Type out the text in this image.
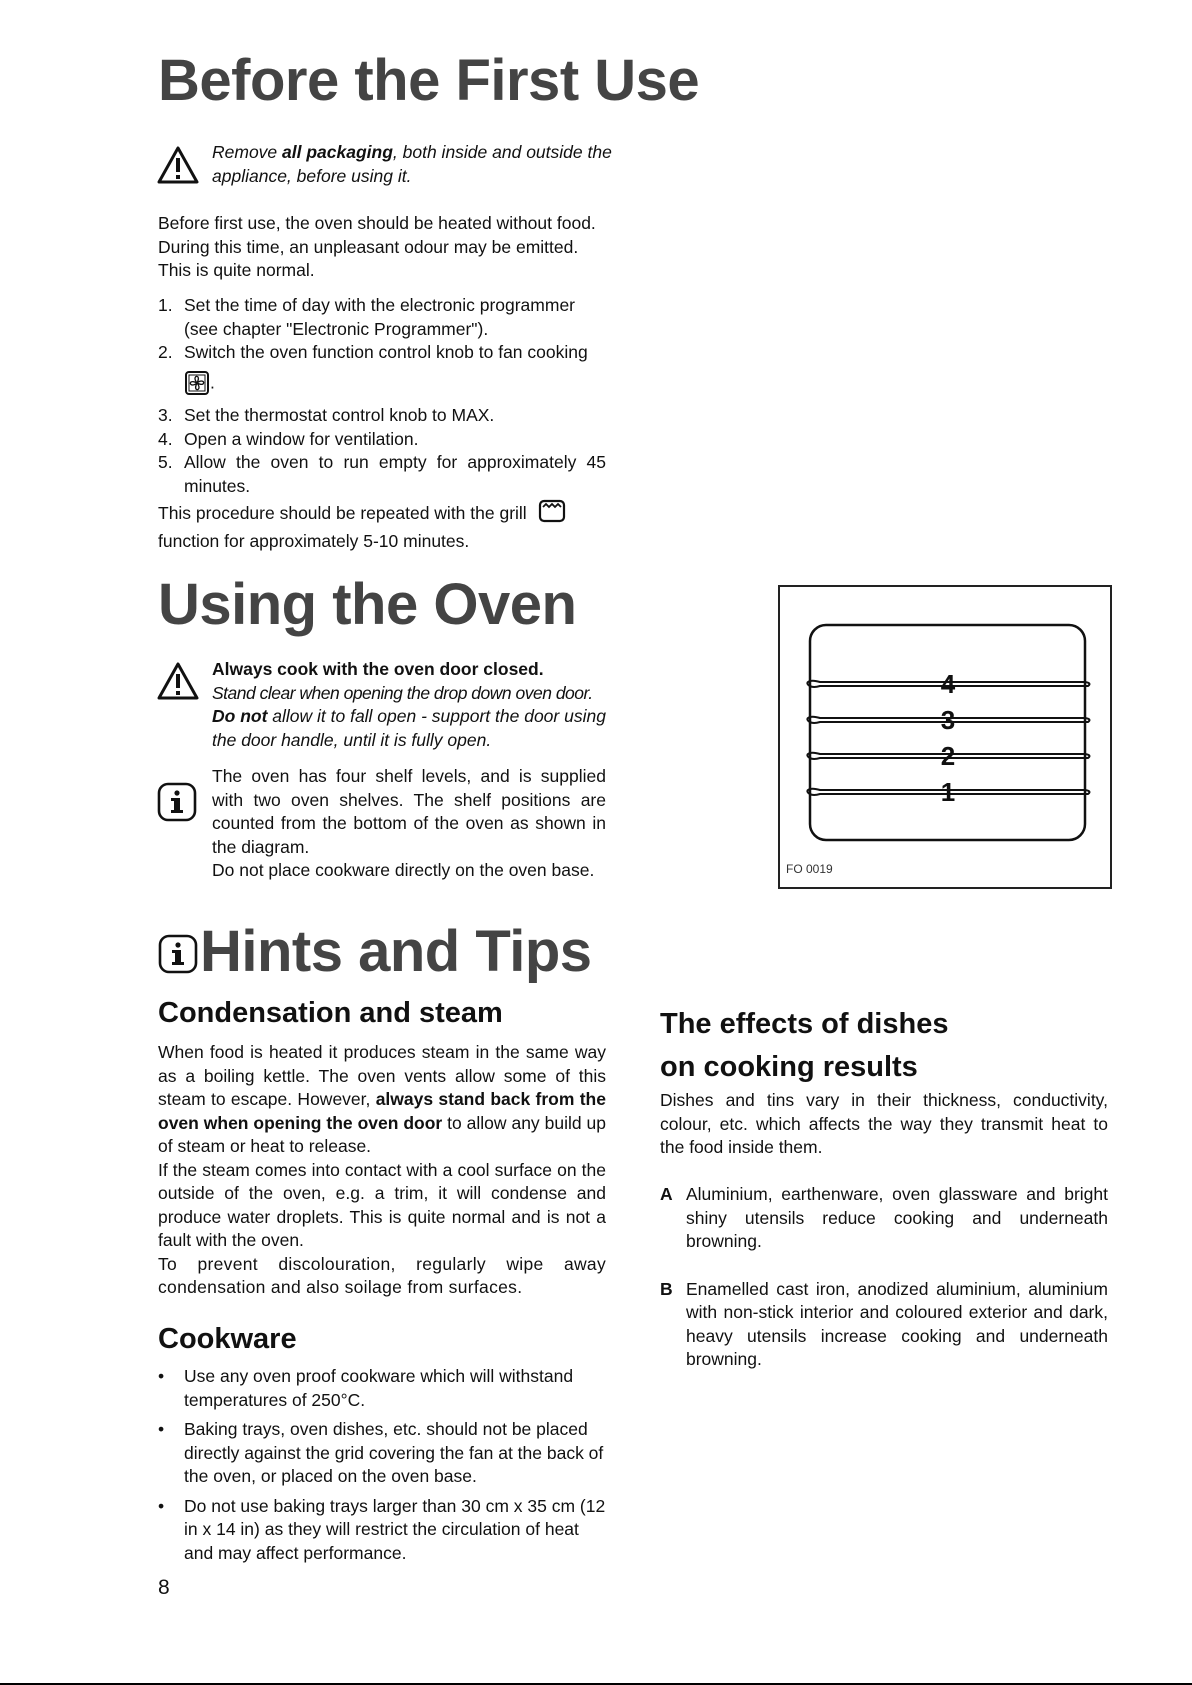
Before the First Use

Remove all packaging, both inside and outside the appliance, before using it.

Before first use, the oven should be heated without food. During this time, an unpleasant odour may be emitted. This is quite normal.

1. Set the time of day with the electronic programmer (see chapter "Electronic Programmer").
2. Switch the oven function control knob to fan cooking
.
3. Set the thermostat control knob to MAX.
4. Open a window for ventilation.
5. Allow the oven to run empty for approximately 45 minutes.

This procedure should be repeated with the grill
function for approximately 5-10 minutes.

Using the Oven
Always cook with the oven door closed.
Stand clear when opening the drop down oven door.
Do not allow it to fall open - support the door using the door handle, until it is fully open.
The oven has four shelf levels, and is supplied with two oven shelves. The shelf positions are counted from the bottom of the oven as shown in the diagram.
Do not place cookware directly on the oven base.
4
3
2
1
FO 0019
Hints and Tips
Condensation and steam
When food is heated it produces steam in the same way as a boiling kettle. The oven vents allow some of this steam to escape. However, always stand back from the oven when opening the oven door to allow any build up of steam or heat to release.
If the steam comes into contact with a cool surface on the outside of the oven, e.g. a trim, it will condense and produce water droplets. This is quite normal and is not a fault with the oven.
To prevent discolouration, regularly wipe away condensation and also soilage from surfaces.
Cookware
• Use any oven proof cookware which will withstand temperatures of 250°C.
• Baking trays, oven dishes, etc. should not be placed directly against the grid covering the fan at the back of the oven, or placed on the oven base.
• Do not use baking trays larger than 30 cm x 35 cm (12 in x 14 in) as they will restrict the circulation of heat and may affect performance.
The effects of dishes
on cooking results

Dishes and tins vary in their thickness, conductivity, colour, etc. which affects the way they transmit heat to the food inside them.

A Aluminium, earthenware, oven glassware and bright shiny utensils reduce cooking and underneath browning.
B Enamelled cast iron, anodized aluminium, aluminium with non-stick interior and coloured exterior and dark, heavy utensils increase cooking and underneath browning.
8
